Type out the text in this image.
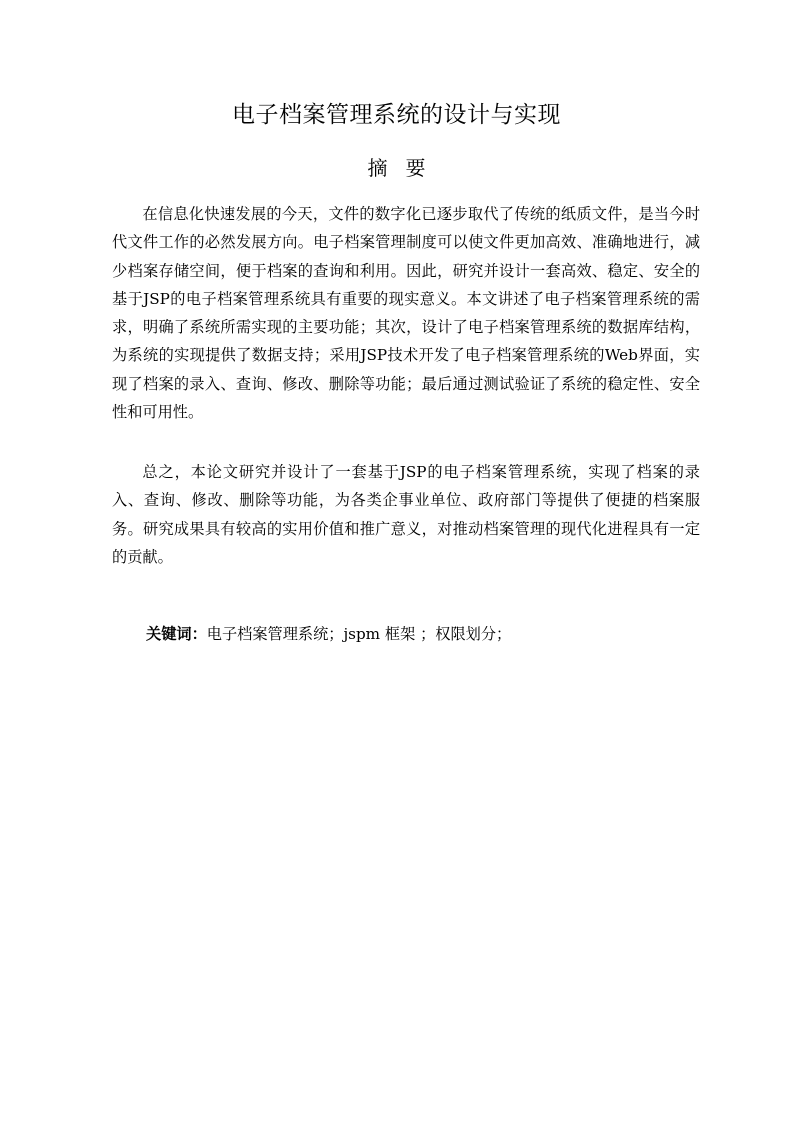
电子档案管理系统的设计与实现
摘要

在信息化快速发展的今天，文件的数字化已逐步取代了传统的纸质文件，是当今时代文件工作的必然发展方向。电子档案管理制度可以使文件更加高效、准确地进行，减少档案存储空间，便于档案的查询和利用。因此，研究并设计一套高效、稳定、安全的基于JSP的电子档案管理系统具有重要的现实意义。本文讲述了电子档案管理系统的需求，明确了系统所需实现的主要功能；其次，设计了电子档案管理系统的数据库结构，为系统的实现提供了数据支持；采用JSP技术开发了电子档案管理系统的Web界面，实现了档案的录入、查询、修改、删除等功能；最后通过测试验证了系统的稳定性、安全性和可用性。

总之，本论文研究并设计了一套基于JSP的电子档案管理系统，实现了档案的录入、查询、修改、删除等功能，为各类企事业单位、政府部门等提供了便捷的档案服务。研究成果具有较高的实用价值和推广意义，对推动档案管理的现代化进程具有一定的贡献。

关键词：电子档案管理系统；jspm 框架 ；权限划分；
